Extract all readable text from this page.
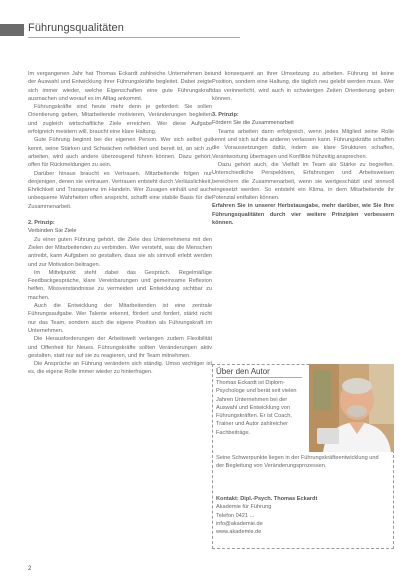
Führungsqualitäten

Im vergangenen Jahr hat Thomas Eckardt zahlreiche Unternehmen bei der Auswahl und Entwicklung ihrer Führungskräfte begleitet. Dabei zeigte sich immer wieder, welche Eigenschaften eine gute Führungskraft ausmachen und worauf es im Alltag ankommt.

Führungskräfte sind heute mehr denn je gefordert: Sie sollen Orientierung geben, Mitarbeitende motivieren, Veränderungen begleiten und zugleich wirtschaftliche Ziele erreichen. Wer diese Aufgabe erfolgreich meistern will, braucht eine klare Haltung.

Gute Führung beginnt bei der eigenen Person. Wer sich selbst gut kennt, seine Stärken und Schwächen reflektiert und bereit ist, an sich zu arbeiten, wird auch andere überzeugend führen können. Dazu gehört, offen für Rückmeldungen zu sein.

Darüber hinaus braucht es Vertrauen. Mitarbeitende folgen nur denjenigen, denen sie vertrauen. Vertrauen entsteht durch Verlässlichkeit, Ehrlichkeit und Transparenz im Handeln. Wer Zusagen einhält und auch unbequeme Wahrheiten offen anspricht, schafft eine stabile Basis für die Zusammenarbeit.

2. Prinzip:

Verbinden Sie Ziele

Zu einer guten Führung gehört, die Ziele des Unternehmens mit den Zielen der Mitarbeitenden zu verbinden. Wer versteht, was die Menschen antreibt, kann Aufgaben so gestalten, dass sie als sinnvoll erlebt werden und zur Motivation beitragen.

Im Mittelpunkt steht dabei das Gespräch. Regelmäßige Feedbackgespräche, klare Vereinbarungen und gemeinsame Reflexion helfen, Missverständnisse zu vermeiden und Entwicklung sichtbar zu machen.

Auch die Entwicklung der Mitarbeitenden ist eine zentrale Führungsaufgabe. Wer Talente erkennt, fördert und fordert, stärkt nicht nur das Team, sondern auch die eigene Position als Führungskraft im Unternehmen.

Die Herausforderungen der Arbeitswelt verlangen zudem Flexibilität und Offenheit für Neues. Führungskräfte sollten Veränderungen aktiv gestalten, statt nur auf sie zu reagieren, und ihr Team mitnehmen.

Die Ansprüche an Führung verändern sich ständig. Umso wichtiger ist es, die eigene Rolle immer wieder zu hinterfragen.

und konsequent an ihrer Umsetzung zu arbeiten. Führung ist keine Position, sondern eine Haltung, die täglich neu gelebt werden muss. Wer das verinnerlicht, wird auch in schwierigen Zeiten Orientierung geben können.

3. Prinzip:

Fördern Sie die Zusammenarbeit

Teams arbeiten dann erfolgreich, wenn jedes Mitglied seine Rolle kennt und sich auf die anderen verlassen kann. Führungskräfte schaffen die Voraussetzungen dafür, indem sie klare Strukturen schaffen, Verantwortung übertragen und Konflikte frühzeitig ansprechen.

Dazu gehört auch, die Vielfalt im Team als Stärke zu begreifen. Unterschiedliche Perspektiven, Erfahrungen und Arbeitsweisen bereichern die Zusammenarbeit, wenn sie wertgeschätzt und sinnvoll eingesetzt werden. So entsteht ein Klima, in dem Mitarbeitende ihr Potenzial entfalten können.

Erfahren Sie in unserer Herbstausgabe, mehr darüber, wie Sie Ihre Führungsqualitäten durch vier weitere Prinzipien verbessern können.

Über den Autor
Thomas Eckardt ist Diplom-Psychologe und berät seit vielen Jahren Unternehmen bei der Auswahl und Entwicklung von Führungskräften. Er ist Coach, Trainer und Autor zahlreicher Fachbeiträge.
Seine Schwerpunkte liegen in der Führungskräfteentwicklung und der Begleitung von Veränderungsprozessen.
Kontakt: Dipl.-Psych. Thomas Eckardt
Akademie für Führung
Telefon 0421 ...
info@akademie.de
www.akademie.de
2
